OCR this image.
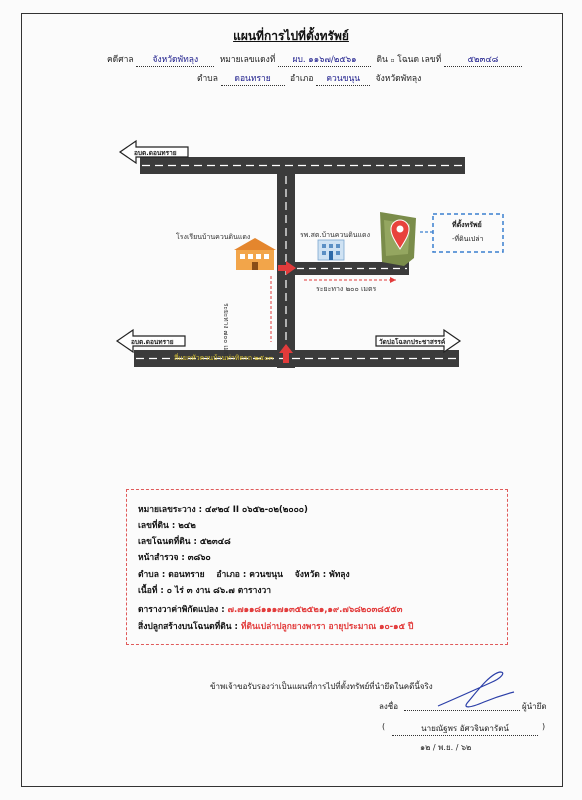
แผนที่การไปที่ตั้งทรัพย์
คดีศาล จังหวัดพัทลุง	หมายเลขแดงที่ ผบ. ๑๑๖๗/๒๕๖๑ ดิน ▫ โฉนด เลขที่	๕๒๓๔๘
ตำบล ดอนทราย อำเภอ ควนขนุน จังหวัดพัทลุง
อบต.ดอนทราย
อบต.ดอนทราย	วัดบ่อโฉลกประชาสรรค์
โรงเรียนบ้านควนดินแดง	รพ.สต.บ้านควนดินแดง
ที่ตั้งทรัพย์
-ที่ดินเปล่า
ระยะทาง ๒๐๐ เมตร
ระยะทาง ๗๐๐ เมตร
สี่แยกหัวควนบ้านท่าทิดรถ ๒๕๐๓
หมายเลขระวาง : ๔๙๒๔ II ๐๖๕๒-๐๒(๒๐๐๐)
เลขที่ดิน : ๒๔๒
เลขโฉนดที่ดิน : ๕๒๓๔๘
หน้าสำรวจ : ๓๘๖๐
ตำบล : ดอนทราย    อำเภอ : ควนขนุน    จังหวัด : พัทลุง
เนื้อที่ : ๐ ไร่ ๓ งาน ๘๖.๗ ตารางวา
ดารางวาค่าพิกัดแปลง : ๗.๗๑๑๘๑๑๑๗๑๓๕๒๕๒๑,๑๙.๗๖๘๒๐๓๘๕๕๓
สิ่งปลูกสร้างบนโฉนดที่ดิน : ที่ดินเปล่าปลูกยางพารา อายุประมาณ ๑๐-๑๕ ปี
ข้าพเจ้าขอรับรองว่าเป็นแผนที่การไปที่ตั้งทรัพย์ที่นำยึดในคดีนี้จริง
ลงชื่อ	ผู้นำยึด
(	นายณัฐพร อัศวจินดารัตน์	)
๑๒ / พ.ย. / ๖๒
